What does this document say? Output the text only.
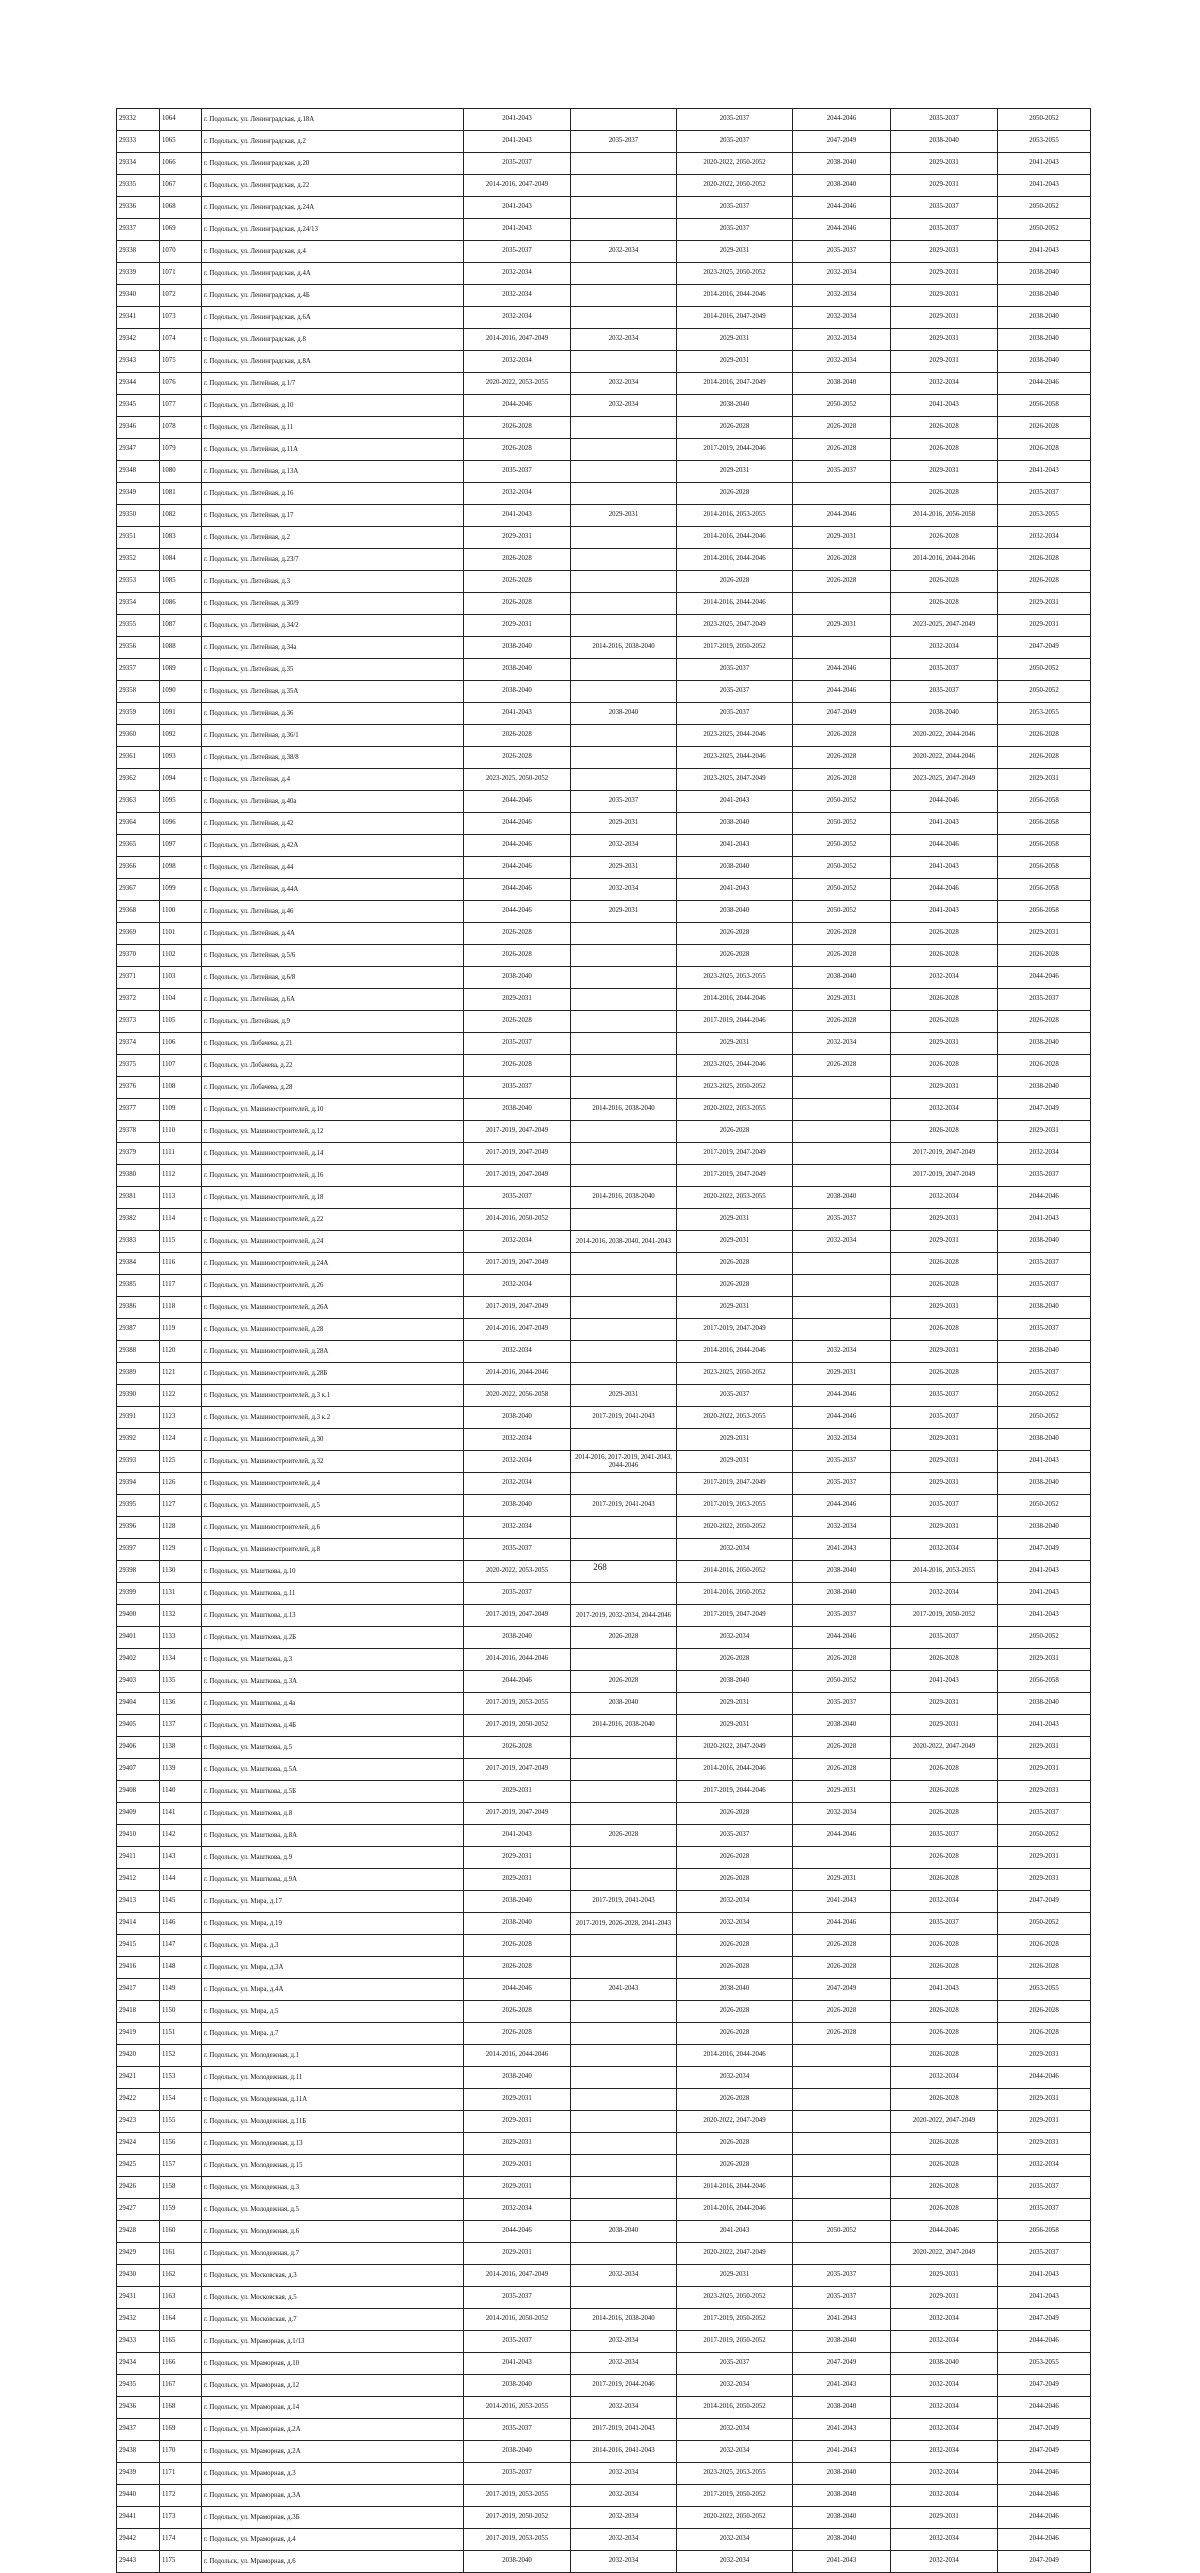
29332	1064	г. Подольск, ул. Ленинградская, д.18А	2041-2043		2035-2037	2044-2046	2035-2037	2050-2052
29333	1065	г. Подольск, ул. Ленинградская, д.2	2041-2043	2035-2037	2035-2037	2047-2049	2038-2040	2053-2055
29334	1066	г. Подольск, ул. Ленинградская, д.20	2035-2037		2020-2022, 2050-2052	2038-2040	2029-2031	2041-2043
29335	1067	г. Подольск, ул. Ленинградская, д.22	2014-2016, 2047-2049		2020-2022, 2050-2052	2038-2040	2029-2031	2041-2043
29336	1068	г. Подольск, ул. Ленинградская, д.24А	2041-2043		2035-2037	2044-2046	2035-2037	2050-2052
29337	1069	г. Подольск, ул. Ленинградская, д.24/13	2041-2043		2035-2037	2044-2046	2035-2037	2050-2052
29338	1070	г. Подольск, ул. Ленинградская, д.4	2035-2037	2032-2034	2029-2031	2035-2037	2029-2031	2041-2043
29339	1071	г. Подольск, ул. Ленинградская, д.4А	2032-2034		2023-2025, 2050-2052	2032-2034	2029-2031	2038-2040
29340	1072	г. Подольск, ул. Ленинградская, д.4Б	2032-2034		2014-2016, 2044-2046	2032-2034	2029-2031	2038-2040
29341	1073	г. Подольск, ул. Ленинградская, д.6А	2032-2034		2014-2016, 2047-2049	2032-2034	2029-2031	2038-2040
29342	1074	г. Подольск, ул. Ленинградская, д.8	2014-2016, 2047-2049	2032-2034	2029-2031	2032-2034	2029-2031	2038-2040
29343	1075	г. Подольск, ул. Ленинградская, д.8А	2032-2034		2029-2031	2032-2034	2029-2031	2038-2040
29344	1076	г. Подольск, ул. Литейная, д.1/7	2020-2022, 2053-2055	2032-2034	2014-2016, 2047-2049	2038-2040	2032-2034	2044-2046
29345	1077	г. Подольск, ул. Литейная, д.10	2044-2046	2032-2034	2038-2040	2050-2052	2041-2043	2056-2058
29346	1078	г. Подольск, ул. Литейная, д.11	2026-2028		2026-2028	2026-2028	2026-2028	2026-2028
29347	1079	г. Подольск, ул. Литейная, д.11А	2026-2028		2017-2019, 2044-2046	2026-2028	2026-2028	2026-2028
29348	1080	г. Подольск, ул. Литейная, д.13А	2035-2037		2029-2031	2035-2037	2029-2031	2041-2043
29349	1081	г. Подольск, ул. Литейная, д.16	2032-2034		2026-2028		2026-2028	2035-2037
29350	1082	г. Подольск, ул. Литейная, д.17	2041-2043	2029-2031	2014-2016, 2053-2055	2044-2046	2014-2016, 2056-2058	2053-2055
29351	1083	г. Подольск, ул. Литейная, д.2	2029-2031		2014-2016, 2044-2046	2029-2031	2026-2028	2032-2034
29352	1084	г. Подольск, ул. Литейная, д.23/7	2026-2028		2014-2016, 2044-2046	2026-2028	2014-2016, 2044-2046	2026-2028
29353	1085	г. Подольск, ул. Литейная, д.3	2026-2028		2026-2028	2026-2028	2026-2028	2026-2028
29354	1086	г. Подольск, ул. Литейная, д.30/9	2026-2028		2014-2016, 2044-2046		2026-2028	2029-2031
29355	1087	г. Подольск, ул. Литейная, д.34/2	2029-2031		2023-2025, 2047-2049	2029-2031	2023-2025, 2047-2049	2029-2031
29356	1088	г. Подольск, ул. Литейная, д.34а	2038-2040	2014-2016, 2038-2040	2017-2019, 2050-2052		2032-2034	2047-2049
29357	1089	г. Подольск, ул. Литейная, д.35	2038-2040		2035-2037	2044-2046	2035-2037	2050-2052
29358	1090	г. Подольск, ул. Литейная, д.35А	2038-2040		2035-2037	2044-2046	2035-2037	2050-2052
29359	1091	г. Подольск, ул. Литейная, д.36	2041-2043	2038-2040	2035-2037	2047-2049	2038-2040	2053-2055
29360	1092	г. Подольск, ул. Литейная, д.36/1	2026-2028		2023-2025, 2044-2046	2026-2028	2020-2022, 2044-2046	2026-2028
29361	1093	г. Подольск, ул. Литейная, д.38/8	2026-2028		2023-2025, 2044-2046	2026-2028	2020-2022, 2044-2046	2026-2028
29362	1094	г. Подольск, ул. Литейная, д.4	2023-2025, 2050-2052		2023-2025, 2047-2049	2026-2028	2023-2025, 2047-2049	2029-2031
29363	1095	г. Подольск, ул. Литейная, д.40а	2044-2046	2035-2037	2041-2043	2050-2052	2044-2046	2056-2058
29364	1096	г. Подольск, ул. Литейная, д.42	2044-2046	2029-2031	2038-2040	2050-2052	2041-2043	2056-2058
29365	1097	г. Подольск, ул. Литейная, д.42А	2044-2046	2032-2034	2041-2043	2050-2052	2044-2046	2056-2058
29366	1098	г. Подольск, ул. Литейная, д.44	2044-2046	2029-2031	2038-2040	2050-2052	2041-2043	2056-2058
29367	1099	г. Подольск, ул. Литейная, д.44А	2044-2046	2032-2034	2041-2043	2050-2052	2044-2046	2056-2058
29368	1100	г. Подольск, ул. Литейная, д.46	2044-2046	2029-2031	2038-2040	2050-2052	2041-2043	2056-2058
29369	1101	г. Подольск, ул. Литейная, д.4А	2026-2028		2026-2028	2026-2028	2026-2028	2029-2031
29370	1102	г. Подольск, ул. Литейная, д.5/6	2026-2028		2026-2028	2026-2028	2026-2028	2026-2028
29371	1103	г. Подольск, ул. Литейная, д.6/8	2038-2040		2023-2025, 2053-2055	2038-2040	2032-2034	2044-2046
29372	1104	г. Подольск, ул. Литейная, д.6А	2029-2031		2014-2016, 2044-2046	2029-2031	2026-2028	2035-2037
29373	1105	г. Подольск, ул. Литейная, д.9	2026-2028		2017-2019, 2044-2046	2026-2028	2026-2028	2026-2028
29374	1106	г. Подольск, ул. Лобачева, д.21	2035-2037		2029-2031	2032-2034	2029-2031	2038-2040
29375	1107	г. Подольск, ул. Лобачева, д.22	2026-2028		2023-2025, 2044-2046	2026-2028	2026-2028	2026-2028
29376	1108	г. Подольск, ул. Лобачева, д.28	2035-2037		2023-2025, 2050-2052		2029-2031	2038-2040
29377	1109	г. Подольск, ул. Машиностроителей, д.10	2038-2040	2014-2016, 2038-2040	2020-2022, 2053-2055		2032-2034	2047-2049
29378	1110	г. Подольск, ул. Машиностроителей, д.12	2017-2019, 2047-2049		2026-2028		2026-2028	2029-2031
29379	1111	г. Подольск, ул. Машиностроителей, д.14	2017-2019, 2047-2049		2017-2019, 2047-2049		2017-2019, 2047-2049	2032-2034
29380	1112	г. Подольск, ул. Машиностроителей, д.16	2017-2019, 2047-2049		2017-2019, 2047-2049		2017-2019, 2047-2049	2035-2037
29381	1113	г. Подольск, ул. Машиностроителей, д.18	2035-2037	2014-2016, 2038-2040	2020-2022, 2053-2055	2038-2040	2032-2034	2044-2046
29382	1114	г. Подольск, ул. Машиностроителей, д.22	2014-2016, 2050-2052		2029-2031	2035-2037	2029-2031	2041-2043
29383	1115	г. Подольск, ул. Машиностроителей, д.24	2032-2034	2014-2016, 2038-2040, 2041-2043	2029-2031	2032-2034	2029-2031	2038-2040
29384	1116	г. Подольск, ул. Машиностроителей, д.24А	2017-2019, 2047-2049		2026-2028		2026-2028	2035-2037
29385	1117	г. Подольск, ул. Машиностроителей, д.26	2032-2034		2026-2028		2026-2028	2035-2037
29386	1118	г. Подольск, ул. Машиностроителей, д.26А	2017-2019, 2047-2049		2029-2031		2029-2031	2038-2040
29387	1119	г. Подольск, ул. Машиностроителей, д.28	2014-2016, 2047-2049		2017-2019, 2047-2049		2026-2028	2035-2037
29388	1120	г. Подольск, ул. Машиностроителей, д.28А	2032-2034		2014-2016, 2044-2046	2032-2034	2029-2031	2038-2040
29389	1121	г. Подольск, ул. Машиностроителей, д.28Б	2014-2016, 2044-2046		2023-2025, 2050-2052	2029-2031	2026-2028	2035-2037
29390	1122	г. Подольск, ул. Машиностроителей, д.3 к.1	2020-2022, 2056-2058	2029-2031	2035-2037	2044-2046	2035-2037	2050-2052
29391	1123	г. Подольск, ул. Машиностроителей, д.3 к.2	2038-2040	2017-2019, 2041-2043	2020-2022, 2053-2055	2044-2046	2035-2037	2050-2052
29392	1124	г. Подольск, ул. Машиностроителей, д.30	2032-2034		2029-2031	2032-2034	2029-2031	2038-2040
29393	1125	г. Подольск, ул. Машиностроителей, д.32	2032-2034	2014-2016, 2017-2019, 2041-2043, 2044-2046	2029-2031	2035-2037	2029-2031	2041-2043
29394	1126	г. Подольск, ул. Машиностроителей, д.4	2032-2034		2017-2019, 2047-2049	2035-2037	2029-2031	2038-2040
29395	1127	г. Подольск, ул. Машиностроителей, д.5	2038-2040	2017-2019, 2041-2043	2017-2019, 2053-2055	2044-2046	2035-2037	2050-2052
29396	1128	г. Подольск, ул. Машиностроителей, д.6	2032-2034		2020-2022, 2050-2052	2032-2034	2029-2031	2038-2040
29397	1129	г. Подольск, ул. Машиностроителей, д.8	2035-2037		2032-2034	2041-2043	2032-2034	2047-2049
29398	1130	г. Подольск, ул. Машткова, д.10	2020-2022, 2053-2055		2014-2016, 2050-2052	2038-2040	2014-2016, 2053-2055	2041-2043
29399	1131	г. Подольск, ул. Машткова, д.11	2035-2037		2014-2016, 2050-2052	2038-2040	2032-2034	2041-2043
29400	1132	г. Подольск, ул. Машткова, д.13	2017-2019, 2047-2049	2017-2019, 2032-2034, 2044-2046	2017-2019, 2047-2049	2035-2037	2017-2019, 2050-2052	2041-2043
29401	1133	г. Подольск, ул. Машткова, д.2Б	2038-2040	2026-2028	2032-2034	2044-2046	2035-2037	2050-2052
29402	1134	г. Подольск, ул. Машткова, д.3	2014-2016, 2044-2046		2026-2028	2026-2028	2026-2028	2029-2031
29403	1135	г. Подольск, ул. Машткова, д.3А	2044-2046	2026-2028	2038-2040	2050-2052	2041-2043	2056-2058
29404	1136	г. Подольск, ул. Машткова, д.4а	2017-2019, 2053-2055	2038-2040	2029-2031	2035-2037	2029-2031	2038-2040
29405	1137	г. Подольск, ул. Машткова, д.4Б	2017-2019, 2050-2052	2014-2016, 2038-2040	2029-2031	2038-2040	2029-2031	2041-2043
29406	1138	г. Подольск, ул. Машткова, д.5	2026-2028		2020-2022, 2047-2049	2026-2028	2020-2022, 2047-2049	2029-2031
29407	1139	г. Подольск, ул. Машткова, д.5А	2017-2019, 2047-2049		2014-2016, 2044-2046	2026-2028	2026-2028	2029-2031
29408	1140	г. Подольск, ул. Машткова, д.5Б	2029-2031		2017-2019, 2044-2046	2029-2031	2026-2028	2029-2031
29409	1141	г. Подольск, ул. Машткова, д.8	2017-2019, 2047-2049		2026-2028	2032-2034	2026-2028	2035-2037
29410	1142	г. Подольск, ул. Машткова, д.8А	2041-2043	2026-2028	2035-2037	2044-2046	2035-2037	2050-2052
29411	1143	г. Подольск, ул. Машткова, д.9	2029-2031		2026-2028		2026-2028	2029-2031
29412	1144	г. Подольск, ул. Машткова, д.9А	2029-2031		2026-2028	2029-2031	2026-2028	2029-2031
29413	1145	г. Подольск, ул. Мира, д.17	2038-2040	2017-2019, 2041-2043	2032-2034	2041-2043	2032-2034	2047-2049
29414	1146	г. Подольск, ул. Мира, д.19	2038-2040	2017-2019, 2026-2028, 2041-2043	2032-2034	2044-2046	2035-2037	2050-2052
29415	1147	г. Подольск, ул. Мира, д.3	2026-2028		2026-2028	2026-2028	2026-2028	2026-2028
29416	1148	г. Подольск, ул. Мира, д.3А	2026-2028		2026-2028	2026-2028	2026-2028	2026-2028
29417	1149	г. Подольск, ул. Мира, д.4А	2044-2046	2041-2043	2038-2040	2047-2049	2041-2043	2053-2055
29418	1150	г. Подольск, ул. Мира, д.5	2026-2028		2026-2028	2026-2028	2026-2028	2026-2028
29419	1151	г. Подольск, ул. Мира, д.7	2026-2028		2026-2028	2026-2028	2026-2028	2026-2028
29420	1152	г. Подольск, ул. Молодежная, д.1	2014-2016, 2044-2046		2014-2016, 2044-2046		2026-2028	2029-2031
29421	1153	г. Подольск, ул. Молодежная, д.11	2038-2040		2032-2034		2032-2034	2044-2046
29422	1154	г. Подольск, ул. Молодежная, д.11А	2029-2031		2026-2028		2026-2028	2029-2031
29423	1155	г. Подольск, ул. Молодежная, д.11Б	2029-2031		2020-2022, 2047-2049		2020-2022, 2047-2049	2029-2031
29424	1156	г. Подольск, ул. Молодежная, д.13	2029-2031		2026-2028		2026-2028	2029-2031
29425	1157	г. Подольск, ул. Молодежная, д.15	2029-2031		2026-2028		2026-2028	2032-2034
29426	1158	г. Подольск, ул. Молодежная, д.3	2029-2031		2014-2016, 2044-2046		2026-2028	2035-2037
29427	1159	г. Подольск, ул. Молодежная, д.5	2032-2034		2014-2016, 2044-2046		2026-2028	2035-2037
29428	1160	г. Подольск, ул. Молодежная, д.6	2044-2046	2038-2040	2041-2043	2050-2052	2044-2046	2056-2058
29429	1161	г. Подольск, ул. Молодежная, д.7	2029-2031		2020-2022, 2047-2049		2020-2022, 2047-2049	2035-2037
29430	1162	г. Подольск, ул. Московская, д.3	2014-2016, 2047-2049	2032-2034	2029-2031	2035-2037	2029-2031	2041-2043
29431	1163	г. Подольск, ул. Московская, д.5	2035-2037		2023-2025, 2050-2052	2035-2037	2029-2031	2041-2043
29432	1164	г. Подольск, ул. Московская, д.7	2014-2016, 2050-2052	2014-2016, 2038-2040	2017-2019, 2050-2052	2041-2043	2032-2034	2047-2049
29433	1165	г. Подольск, ул. Мраморная, д.1/13	2035-2037	2032-2034	2017-2019, 2050-2052	2038-2040	2032-2034	2044-2046
29434	1166	г. Подольск, ул. Мраморная, д.10	2041-2043	2032-2034	2035-2037	2047-2049	2038-2040	2053-2055
29435	1167	г. Подольск, ул. Мраморная, д.12	2038-2040	2017-2019, 2044-2046	2032-2034	2041-2043	2032-2034	2047-2049
29436	1168	г. Подольск, ул. Мраморная, д.14	2014-2016, 2053-2055	2032-2034	2014-2016, 2050-2052	2038-2040	2032-2034	2044-2046
29437	1169	г. Подольск, ул. Мраморная, д.2А	2035-2037	2017-2019, 2041-2043	2032-2034	2041-2043	2032-2034	2047-2049
29438	1170	г. Подольск, ул. Мраморная, д.2А	2038-2040	2014-2016, 2041-2043	2032-2034	2041-2043	2032-2034	2047-2049
29439	1171	г. Подольск, ул. Мраморная, д.3	2035-2037	2032-2034	2023-2025, 2053-2055	2038-2040	2032-2034	2044-2046
29440	1172	г. Подольск, ул. Мраморная, д.3А	2017-2019, 2053-2055	2032-2034	2017-2019, 2050-2052	2038-2040	2032-2034	2044-2046
29441	1173	г. Подольск, ул. Мраморная, д.3Б	2017-2019, 2050-2052	2032-2034	2020-2022, 2050-2052	2038-2040	2029-2031	2044-2046
29442	1174	г. Подольск, ул. Мраморная, д.4	2017-2019, 2053-2055	2032-2034	2032-2034	2038-2040	2032-2034	2044-2046
29443	1175	г. Подольск, ул. Мраморная, д.6	2038-2040	2032-2034	2032-2034	2041-2043	2032-2034	2047-2049
268
